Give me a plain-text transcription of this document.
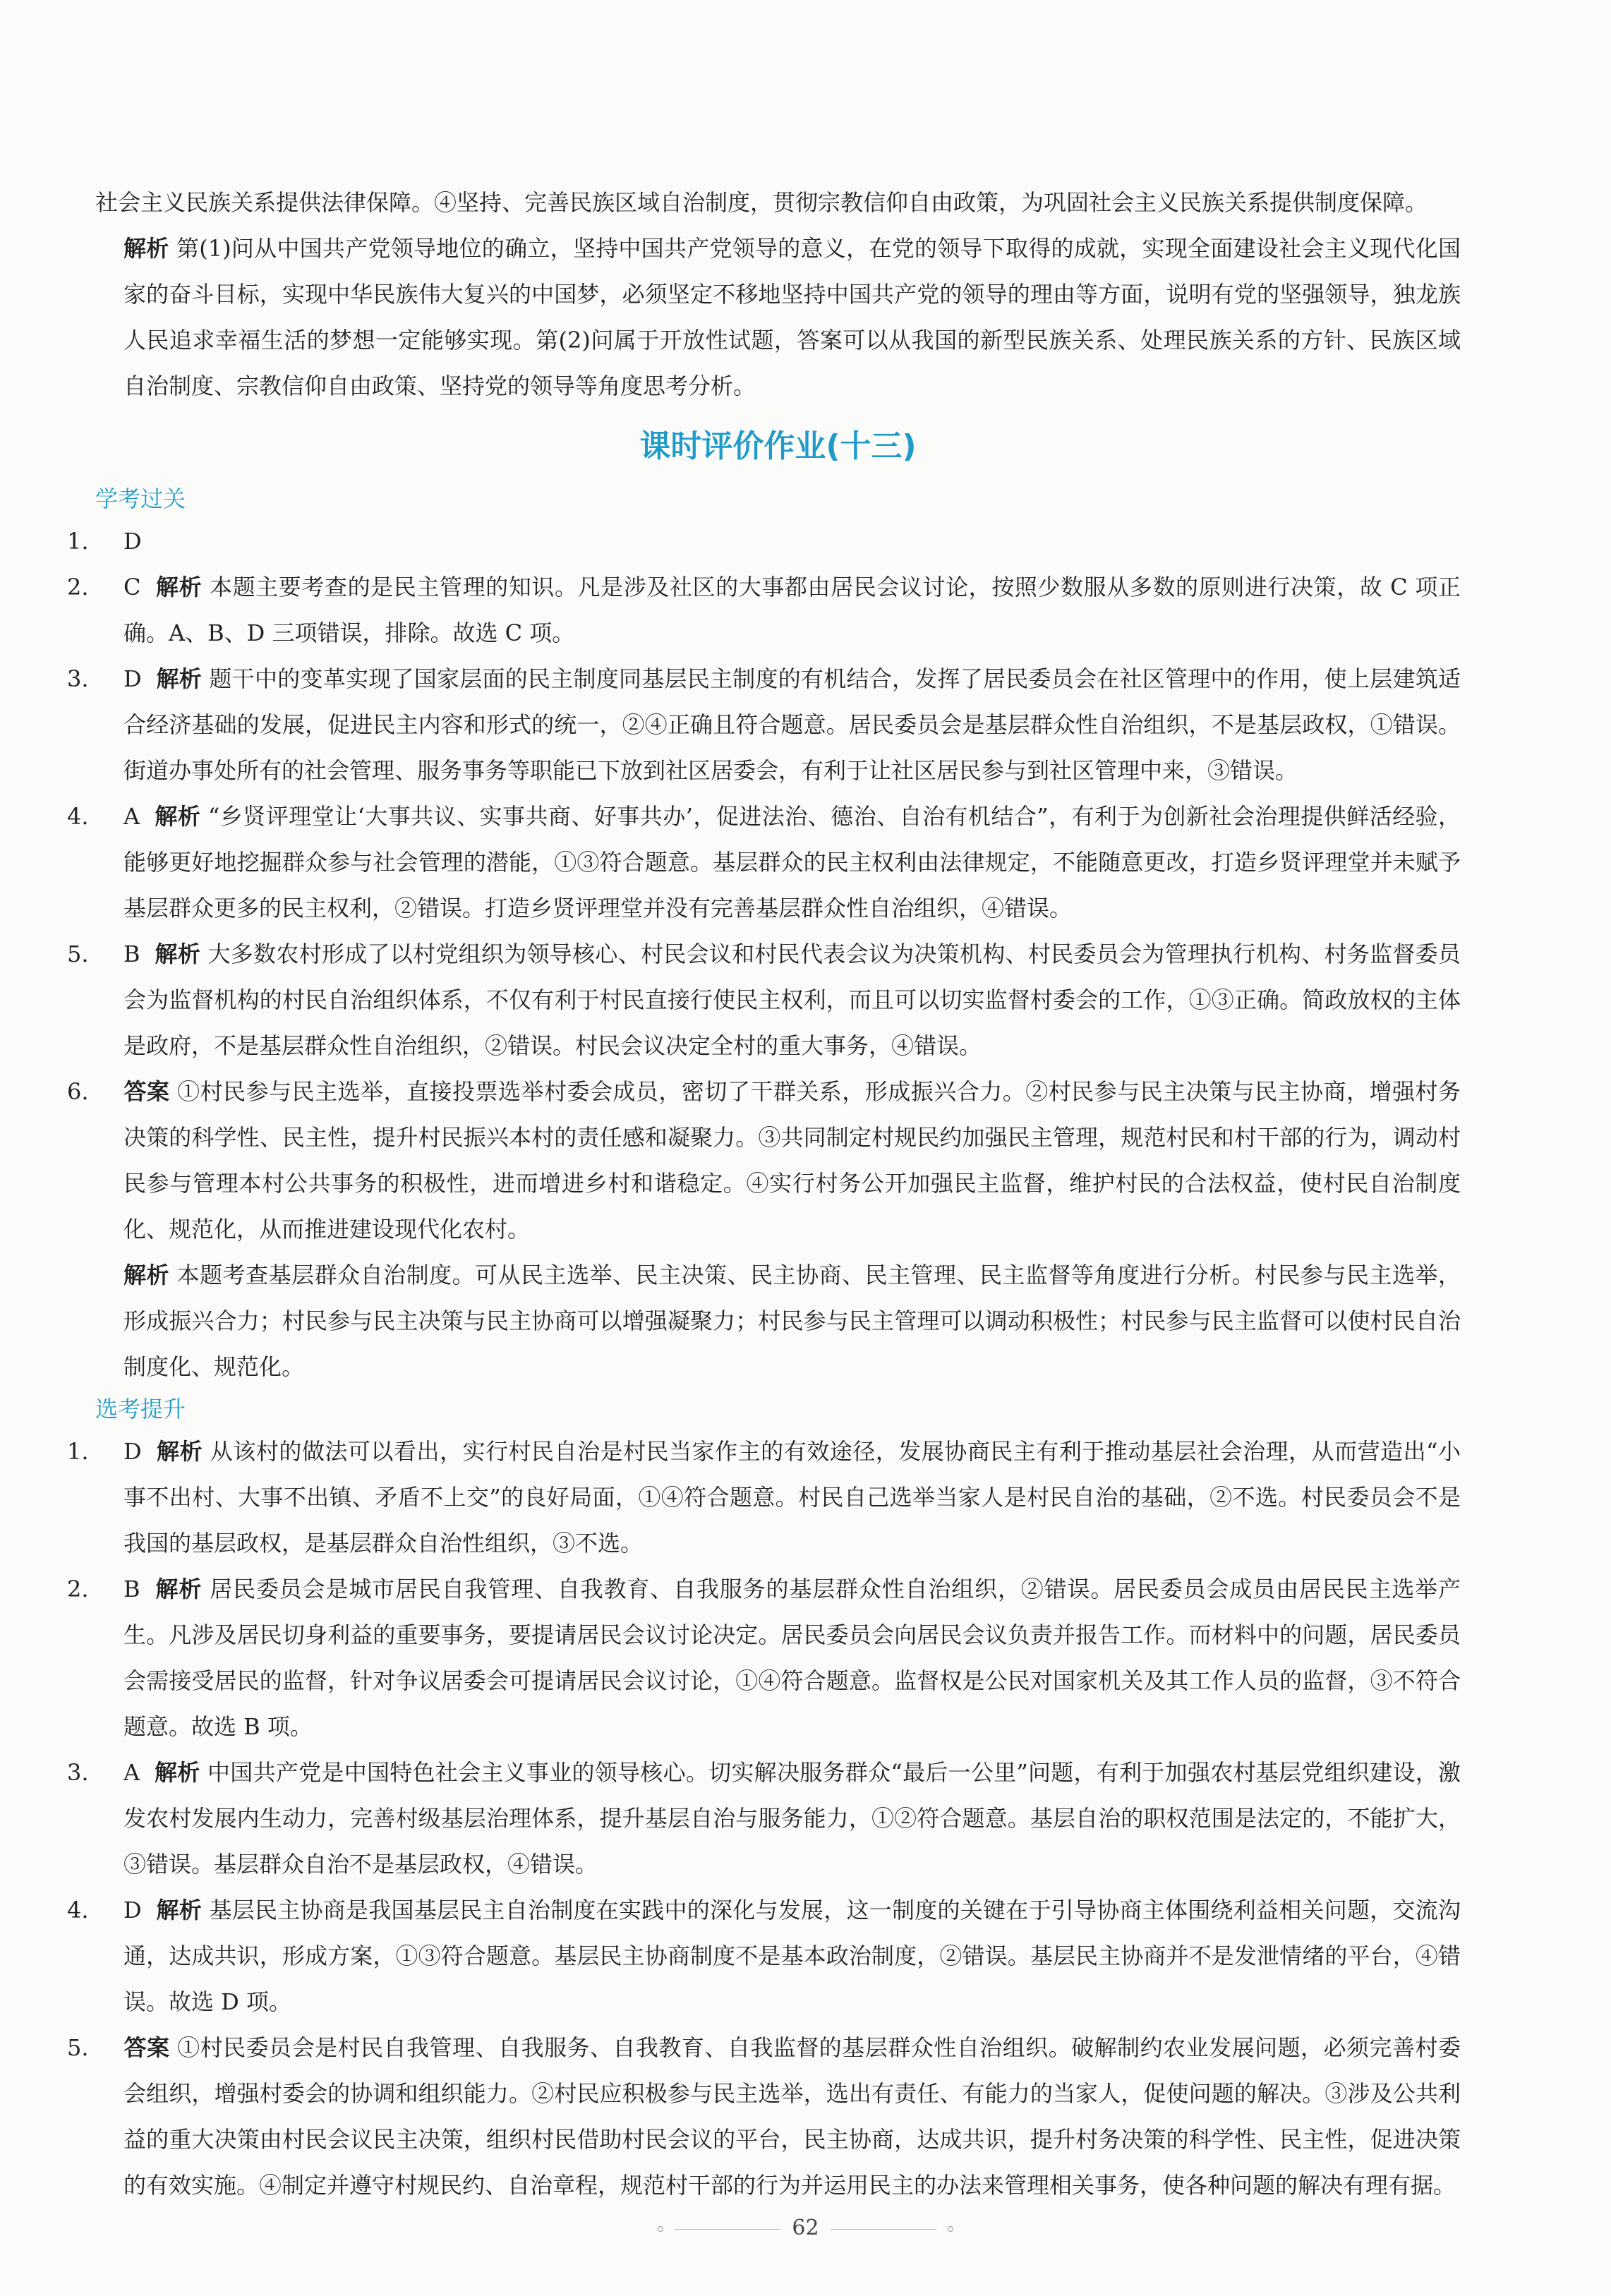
社会主义民族关系提供法律保障。④坚持、完善民族区域自治制度，贯彻宗教信仰自由政策，为巩固社会主义民族关系提供制度保障。

解析 第(1)问从中国共产党领导地位的确立，坚持中国共产党领导的意义，在党的领导下取得的成就，实现全面建设社会主义现代化国家的奋斗目标，实现中华民族伟大复兴的中国梦，必须坚定不移地坚持中国共产党的领导的理由等方面，说明有党的坚强领导，独龙族人民追求幸福生活的梦想一定能够实现。第(2)问属于开放性试题，答案可以从我国的新型民族关系、处理民族关系的方针、民族区域自治制度、宗教信仰自由政策、坚持党的领导等角度思考分析。

课时评价作业(十三)
学考过关

1. D

2. C 解析 本题主要考查的是民主管理的知识。凡是涉及社区的大事都由居民会议讨论，按照少数服从多数的原则进行决策，故 C 项正确。A、B、D 三项错误，排除。故选 C 项。

3. D 解析 题干中的变革实现了国家层面的民主制度同基层民主制度的有机结合，发挥了居民委员会在社区管理中的作用，使上层建筑适合经济基础的发展，促进民主内容和形式的统一，②④正确且符合题意。居民委员会是基层群众性自治组织，不是基层政权，①错误。街道办事处所有的社会管理、服务事务等职能已下放到社区居委会，有利于让社区居民参与到社区管理中来，③错误。

4. A 解析 “乡贤评理堂让‘大事共议、实事共商、好事共办’，促进法治、德治、自治有机结合”，有利于为创新社会治理提供鲜活经验，能够更好地挖掘群众参与社会管理的潜能，①③符合题意。基层群众的民主权利由法律规定，不能随意更改，打造乡贤评理堂并未赋予基层群众更多的民主权利，②错误。打造乡贤评理堂并没有完善基层群众性自治组织，④错误。

5. B 解析 大多数农村形成了以村党组织为领导核心、村民会议和村民代表会议为决策机构、村民委员会为管理执行机构、村务监督委员会为监督机构的村民自治组织体系，不仅有利于村民直接行使民主权利，而且可以切实监督村委会的工作，①③正确。简政放权的主体是政府，不是基层群众性自治组织，②错误。村民会议决定全村的重大事务，④错误。

6. 答案 ①村民参与民主选举，直接投票选举村委会成员，密切了干群关系，形成振兴合力。②村民参与民主决策与民主协商，增强村务决策的科学性、民主性，提升村民振兴本村的责任感和凝聚力。③共同制定村规民约加强民主管理，规范村民和村干部的行为，调动村民参与管理本村公共事务的积极性，进而增进乡村和谐稳定。④实行村务公开加强民主监督，维护村民的合法权益，使村民自治制度化、规范化，从而推进建设现代化农村。

解析 本题考查基层群众自治制度。可从民主选举、民主决策、民主协商、民主管理、民主监督等角度进行分析。村民参与民主选举，形成振兴合力；村民参与民主决策与民主协商可以增强凝聚力；村民参与民主管理可以调动积极性；村民参与民主监督可以使村民自治制度化、规范化。

选考提升

1. D 解析 从该村的做法可以看出，实行村民自治是村民当家作主的有效途径，发展协商民主有利于推动基层社会治理，从而营造出“小事不出村、大事不出镇、矛盾不上交”的良好局面，①④符合题意。村民自己选举当家人是村民自治的基础，②不选。村民委员会不是我国的基层政权，是基层群众自治性组织，③不选。

2. B 解析 居民委员会是城市居民自我管理、自我教育、自我服务的基层群众性自治组织，②错误。居民委员会成员由居民民主选举产生。凡涉及居民切身利益的重要事务，要提请居民会议讨论决定。居民委员会向居民会议负责并报告工作。而材料中的问题，居民委员会需接受居民的监督，针对争议居委会可提请居民会议讨论，①④符合题意。监督权是公民对国家机关及其工作人员的监督，③不符合题意。故选 B 项。

3. A 解析 中国共产党是中国特色社会主义事业的领导核心。切实解决服务群众“最后一公里”问题，有利于加强农村基层党组织建设，激发农村发展内生动力，完善村级基层治理体系，提升基层自治与服务能力，①②符合题意。基层自治的职权范围是法定的，不能扩大，③错误。基层群众自治不是基层政权，④错误。

4. D 解析 基层民主协商是我国基层民主自治制度在实践中的深化与发展，这一制度的关键在于引导协商主体围绕利益相关问题，交流沟通，达成共识，形成方案，①③符合题意。基层民主协商制度不是基本政治制度，②错误。基层民主协商并不是发泄情绪的平台，④错误。故选 D 项。

5. 答案 ①村民委员会是村民自我管理、自我服务、自我教育、自我监督的基层群众性自治组织。破解制约农业发展问题，必须完善村委会组织，增强村委会的协调和组织能力。②村民应积极参与民主选举，选出有责任、有能力的当家人，促使问题的解决。③涉及公共利益的重大决策由村民会议民主决策，组织村民借助村民会议的平台，民主协商，达成共识，提升村务决策的科学性、民主性，促进决策的有效实施。④制定并遵守村规民约、自治章程，规范村干部的行为并运用民主的办法来管理相关事务，使各种问题的解决有理有据。

62
